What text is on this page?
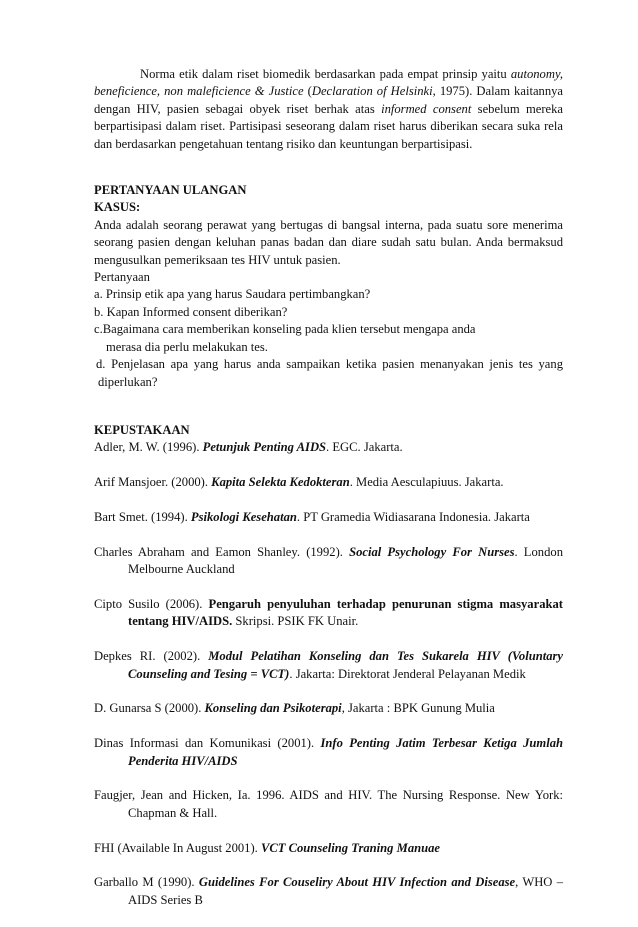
Norma etik dalam riset biomedik berdasarkan pada empat prinsip yaitu autonomy, beneficience, non maleficience & Justice (Declaration of Helsinki, 1975). Dalam kaitannya dengan HIV, pasien sebagai obyek riset berhak atas informed consent sebelum mereka berpartisipasi dalam riset. Partisipasi seseorang dalam riset harus diberikan secara suka rela dan berdasarkan pengetahuan tentang risiko dan keuntungan berpartisipasi.

PERTANYAAN ULANGAN

KASUS:

Anda adalah seorang perawat yang bertugas di bangsal interna, pada suatu sore menerima seorang pasien dengan keluhan panas badan dan diare sudah satu bulan. Anda bermaksud mengusulkan pemeriksaan tes HIV untuk pasien.

Pertanyaan

a. Prinsip etik apa yang harus Saudara pertimbangkan?

b. Kapan Informed consent diberikan?

c.Bagaimana cara memberikan konseling pada klien tersebut mengapa anda

merasa dia perlu melakukan tes.

d. Penjelasan apa yang harus anda sampaikan ketika pasien menanyakan jenis tes yang diperlukan?

KEPUSTAKAAN

Adler, M. W. (1996). Petunjuk Penting AIDS. EGC. Jakarta.

Arif Mansjoer. (2000). Kapita Selekta Kedokteran. Media Aesculapiuus. Jakarta.

Bart Smet. (1994). Psikologi Kesehatan. PT Gramedia Widiasarana Indonesia. Jakarta

Charles Abraham and Eamon Shanley. (1992). Social Psychology For Nurses. London Melbourne Auckland

Cipto Susilo (2006). Pengaruh penyuluhan terhadap penurunan stigma masyarakat tentang HIV/AIDS. Skripsi. PSIK FK Unair.

Depkes RI. (2002). Modul Pelatihan Konseling dan Tes Sukarela HIV (Voluntary Counseling and Tesing = VCT). Jakarta: Direktorat Jenderal Pelayanan Medik

D. Gunarsa S (2000). Konseling dan Psikoterapi, Jakarta : BPK Gunung Mulia

Dinas Informasi dan Komunikasi (2001). Info Penting Jatim Terbesar Ketiga Jumlah Penderita HIV/AIDS

Faugjer, Jean and Hicken, Ia. 1996. AIDS and HIV. The Nursing Response. New York: Chapman & Hall.

FHI (Available In August 2001). VCT Counseling Traning Manuae

Garballo M (1990). Guidelines For Couseliry About HIV Infection and Disease, WHO – AIDS Series B
